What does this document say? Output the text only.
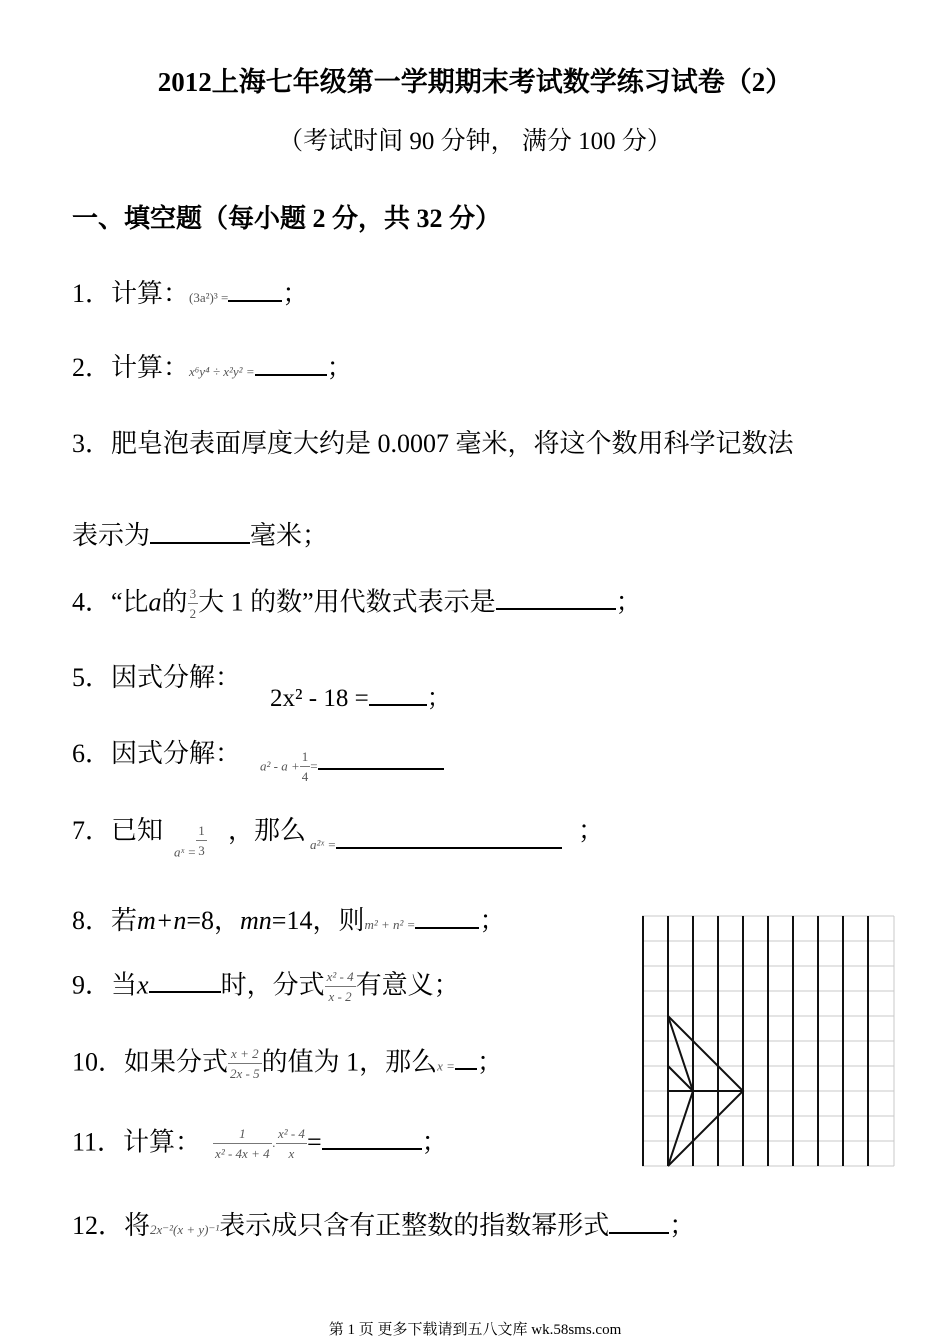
2012上海七年级第一学期期末考试数学练习试卷（2）
（考试时间 90 分钟， 满分 100 分）
一、填空题（每小题 2 分，共 32 分）
1．计算：(3a²)³ = ；
2．计算：x⁶y⁴ ÷ x²y² =	；
3．肥皂泡表面厚度大约是 0.0007 毫米，将这个数用科学记数法
表示为	毫米；
4．“比a的 $\frac{3}{2}$ 大 1 的数”用代数式表示是	；
5．因式分解：
2x² - 18 = ；
6．因式分解： $a^2 - a + \frac{1}{4}$ =
7．已知
aˣ = $\frac{1}{3}$ ，那么 a²ˣ =	；
8．若m+n=8，mn=14，则m² + n² = ；
9．当x	时，分式 $\frac{\text{x² - 4}}{x - 2}$ 有意义；
10．如果分式 $\frac{x + 2}{2x - 5}$ 的值为 1，那么x = ；
11．计算： $\frac{1}{\text{x² - 4x + 4}} \cdot \frac{\text{x² - 4}}{x}$ =	；
12．将2x⁻²(x + y)⁻¹表示成只含有正整数的指数幂形式 ；
第 1 页 更多下载请到五八文库 wk.58sms.com
